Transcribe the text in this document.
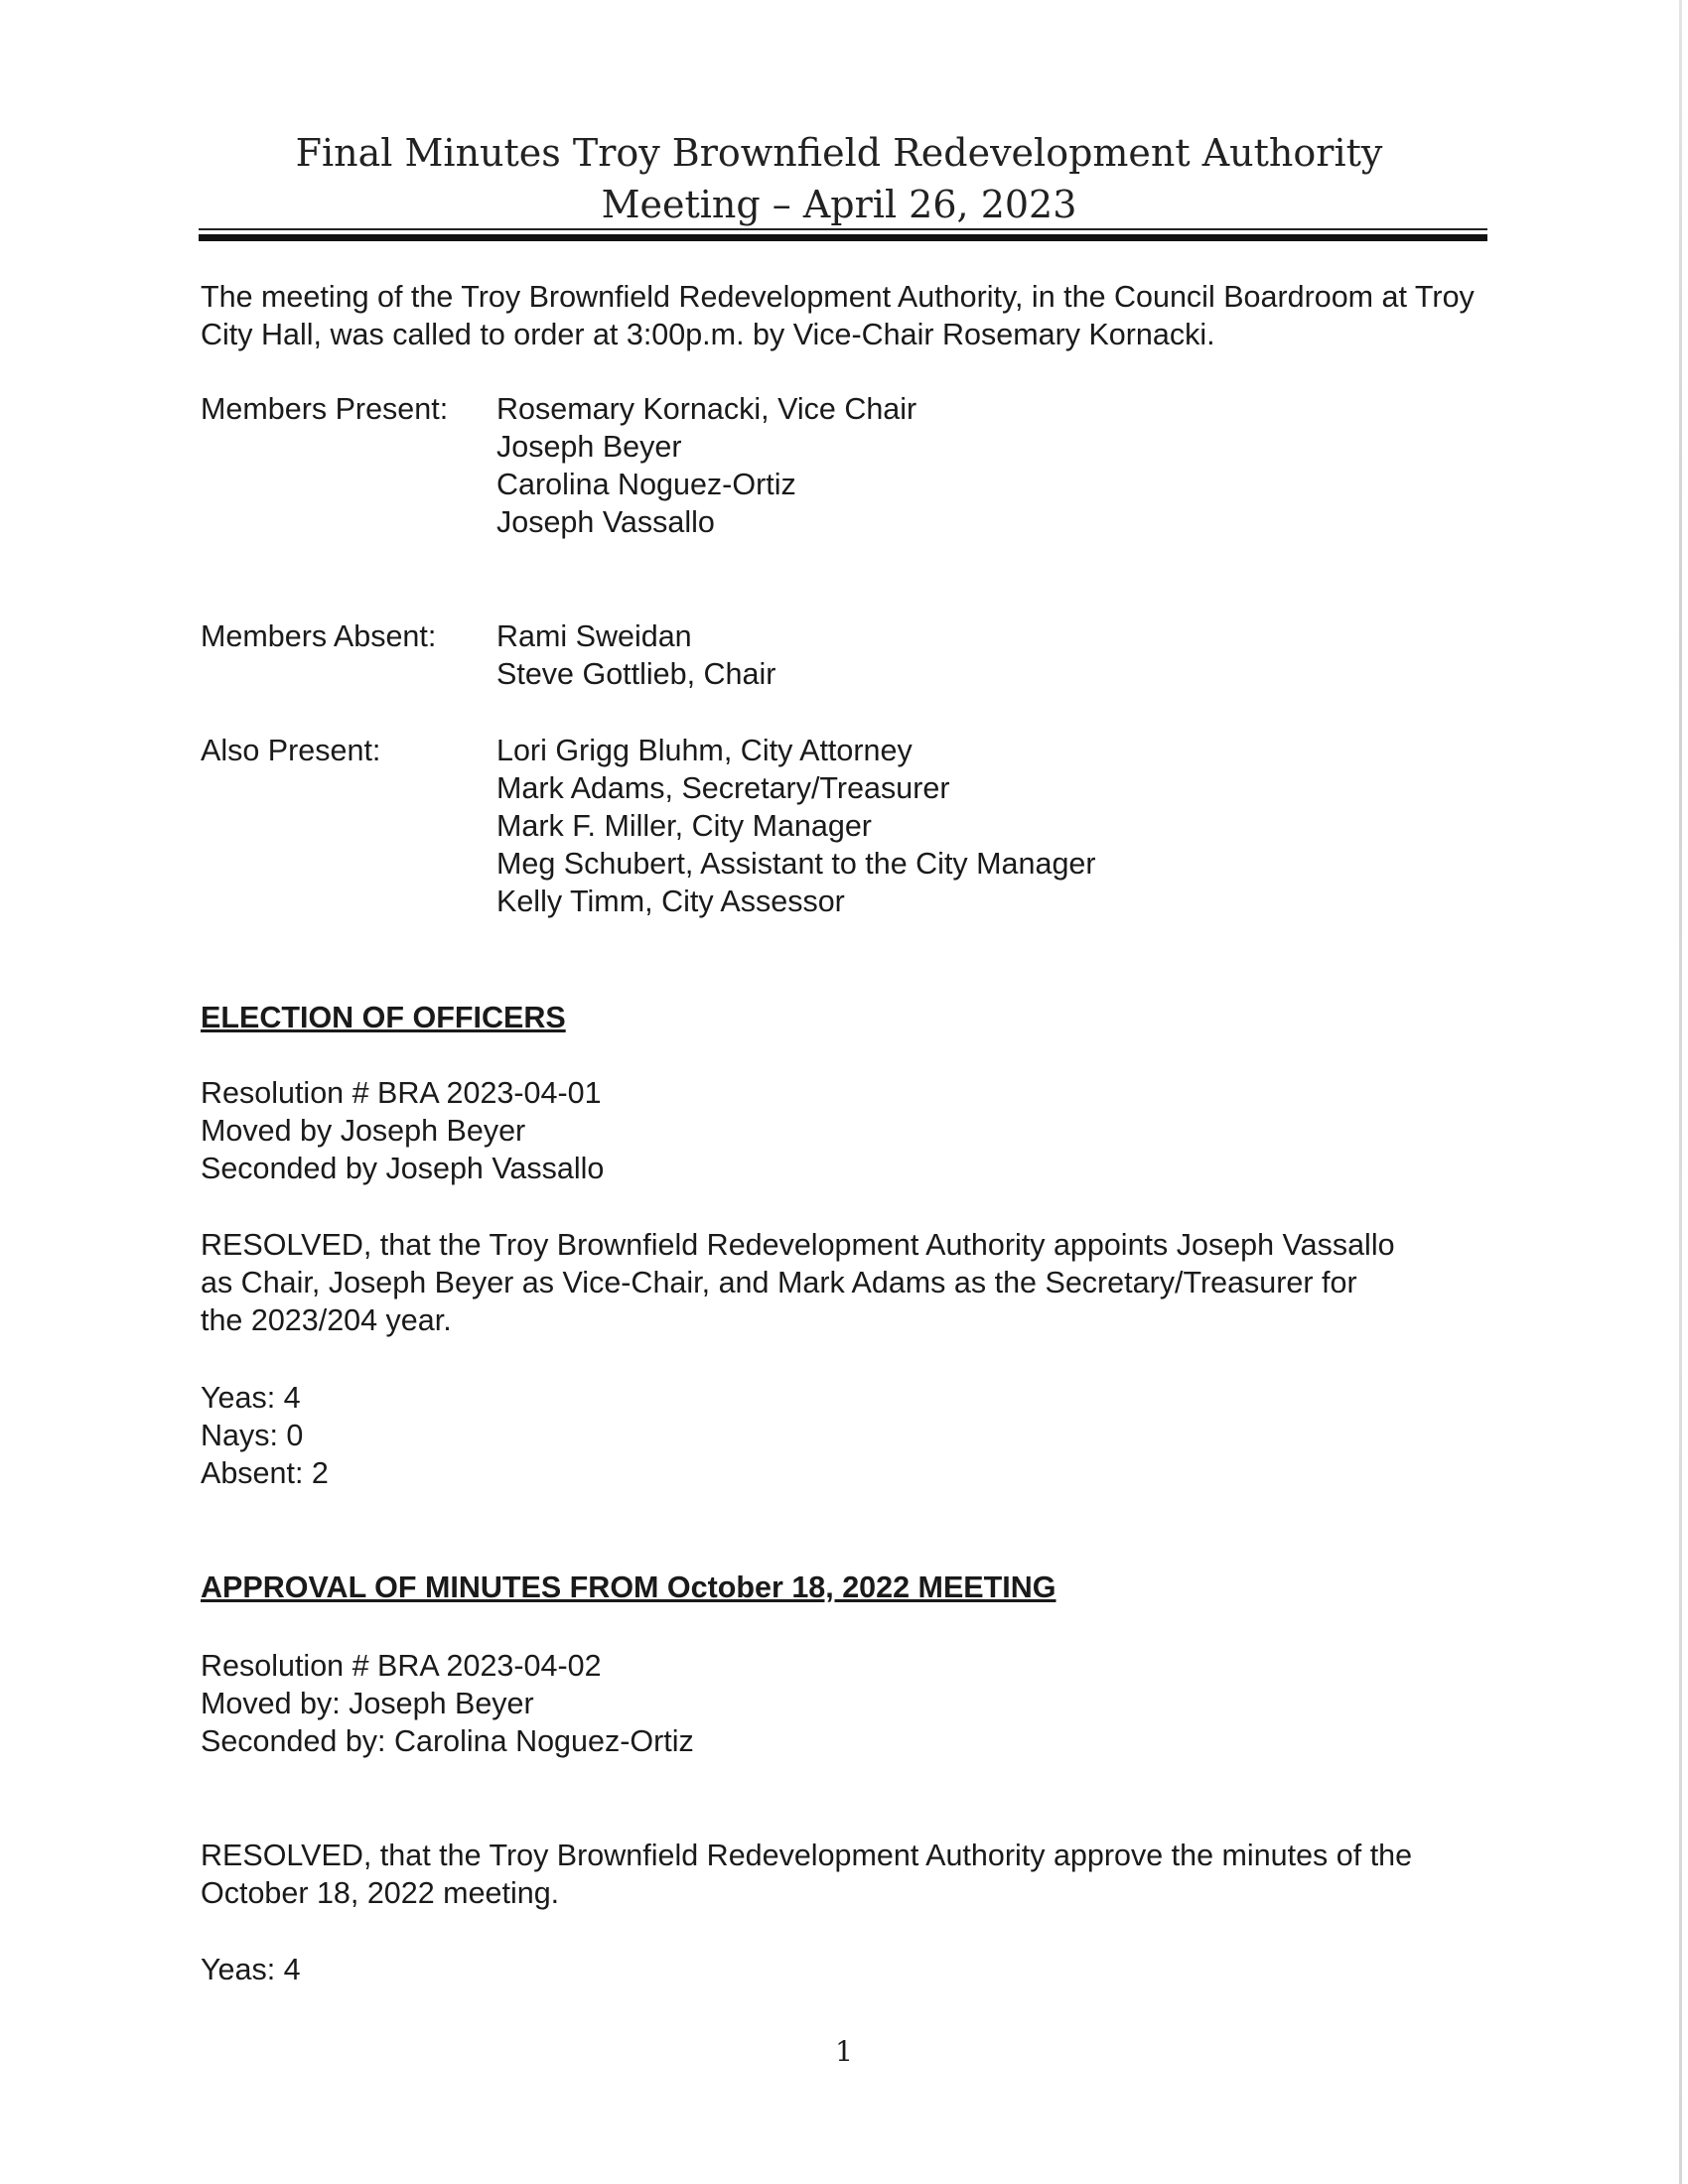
Final Minutes Troy Brownfield Redevelopment Authority
Meeting – April 26, 2023
The meeting of the Troy Brownfield Redevelopment Authority, in the Council Boardroom at Troy City Hall, was called to order at 3:00p.m. by Vice-Chair Rosemary Kornacki.
Members Present: Rosemary Kornacki, Vice Chair
Joseph Beyer
Carolina Noguez-Ortiz
Joseph Vassallo
Members Absent: Rami Sweidan
Steve Gottlieb, Chair
Also Present:	Lori Grigg Bluhm, City Attorney
Mark Adams, Secretary/Treasurer
Mark F. Miller, City Manager
Meg Schubert, Assistant to the City Manager
Kelly Timm, City Assessor
ELECTION OF OFFICERS
Resolution # BRA 2023-04-01
Moved by Joseph Beyer
Seconded by Joseph Vassallo
RESOLVED, that the Troy Brownfield Redevelopment Authority appoints Joseph Vassallo as Chair, Joseph Beyer as Vice-Chair, and Mark Adams as the Secretary/Treasurer for the 2023/204 year.
Yeas: 4
Nays: 0
Absent: 2
APPROVAL OF MINUTES FROM October 18, 2022 MEETING
Resolution # BRA 2023-04-02
Moved by: Joseph Beyer
Seconded by: Carolina Noguez-Ortiz
RESOLVED, that the Troy Brownfield Redevelopment Authority approve the minutes of the October 18, 2022 meeting.
Yeas: 4
1
